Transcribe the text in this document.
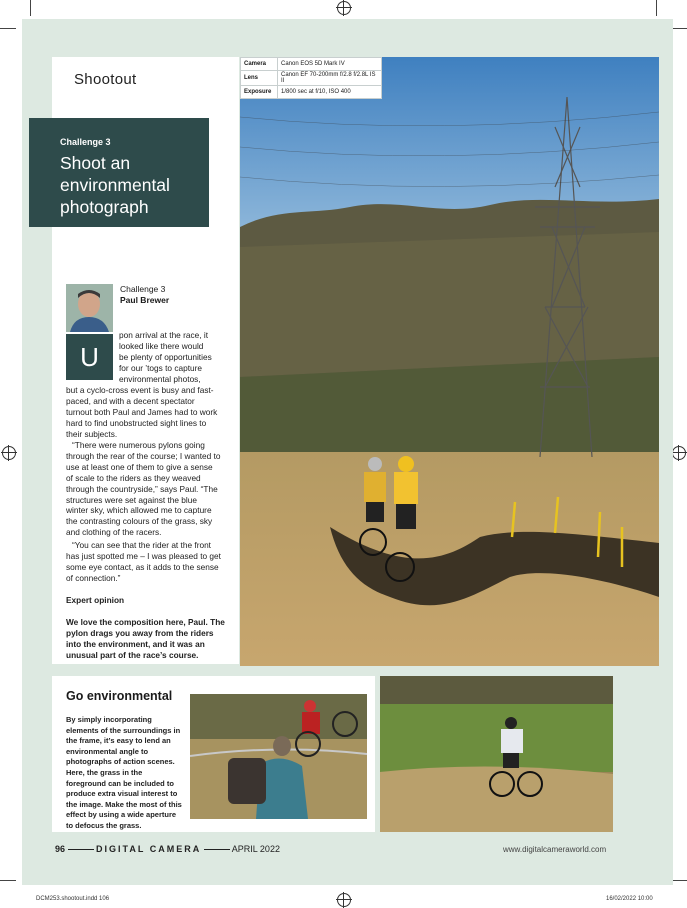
Shootout
Challenge 3
Shoot an environmental photograph
Camera	Canon EOS 5D Mark IV
Lens	Canon EF 70-200mm f/2.8 f/2.8L IS II
Exposure	1/800 sec at f/10, ISO 400
Challenge 3
Paul Brewer
U
pon arrival at the race, it
looked like there would
be plenty of opportunities
for our ’togs to capture
environmental photos,

but a cyclo-cross event is busy and fast-paced, and with a decent spectator turnout both Paul and James had to work hard to find unobstructed sight lines to their subjects.

“There were numerous pylons going through the rear of the course; I wanted to use at least one of them to give a sense of scale to the riders as they weaved through the countryside,” says Paul. “The structures were set against the blue winter sky, which allowed me to capture the contrasting colours of the grass, sky and clothing of the racers.

“You can see that the rider at the front has just spotted me – I was pleased to get some eye contact, as it adds to the sense of connection.”

Expert opinion

We love the composition here, Paul. The pylon drags you away from the riders into the environment, and it was an unusual part of the race’s course.

Go environmental

By simply incorporating elements of the surroundings in the frame, it’s easy to lend an environmental angle to photographs of action scenes. Here, the grass in the foreground can be included to produce extra visual interest to the image. Make the most of this effect by using a wide aperture to defocus the grass.

96	DIGITAL CAMERA	APRIL 2022	www.digitalcameraworld.com
DCM253.shootout.indd 106	16/02/2022 10:00
